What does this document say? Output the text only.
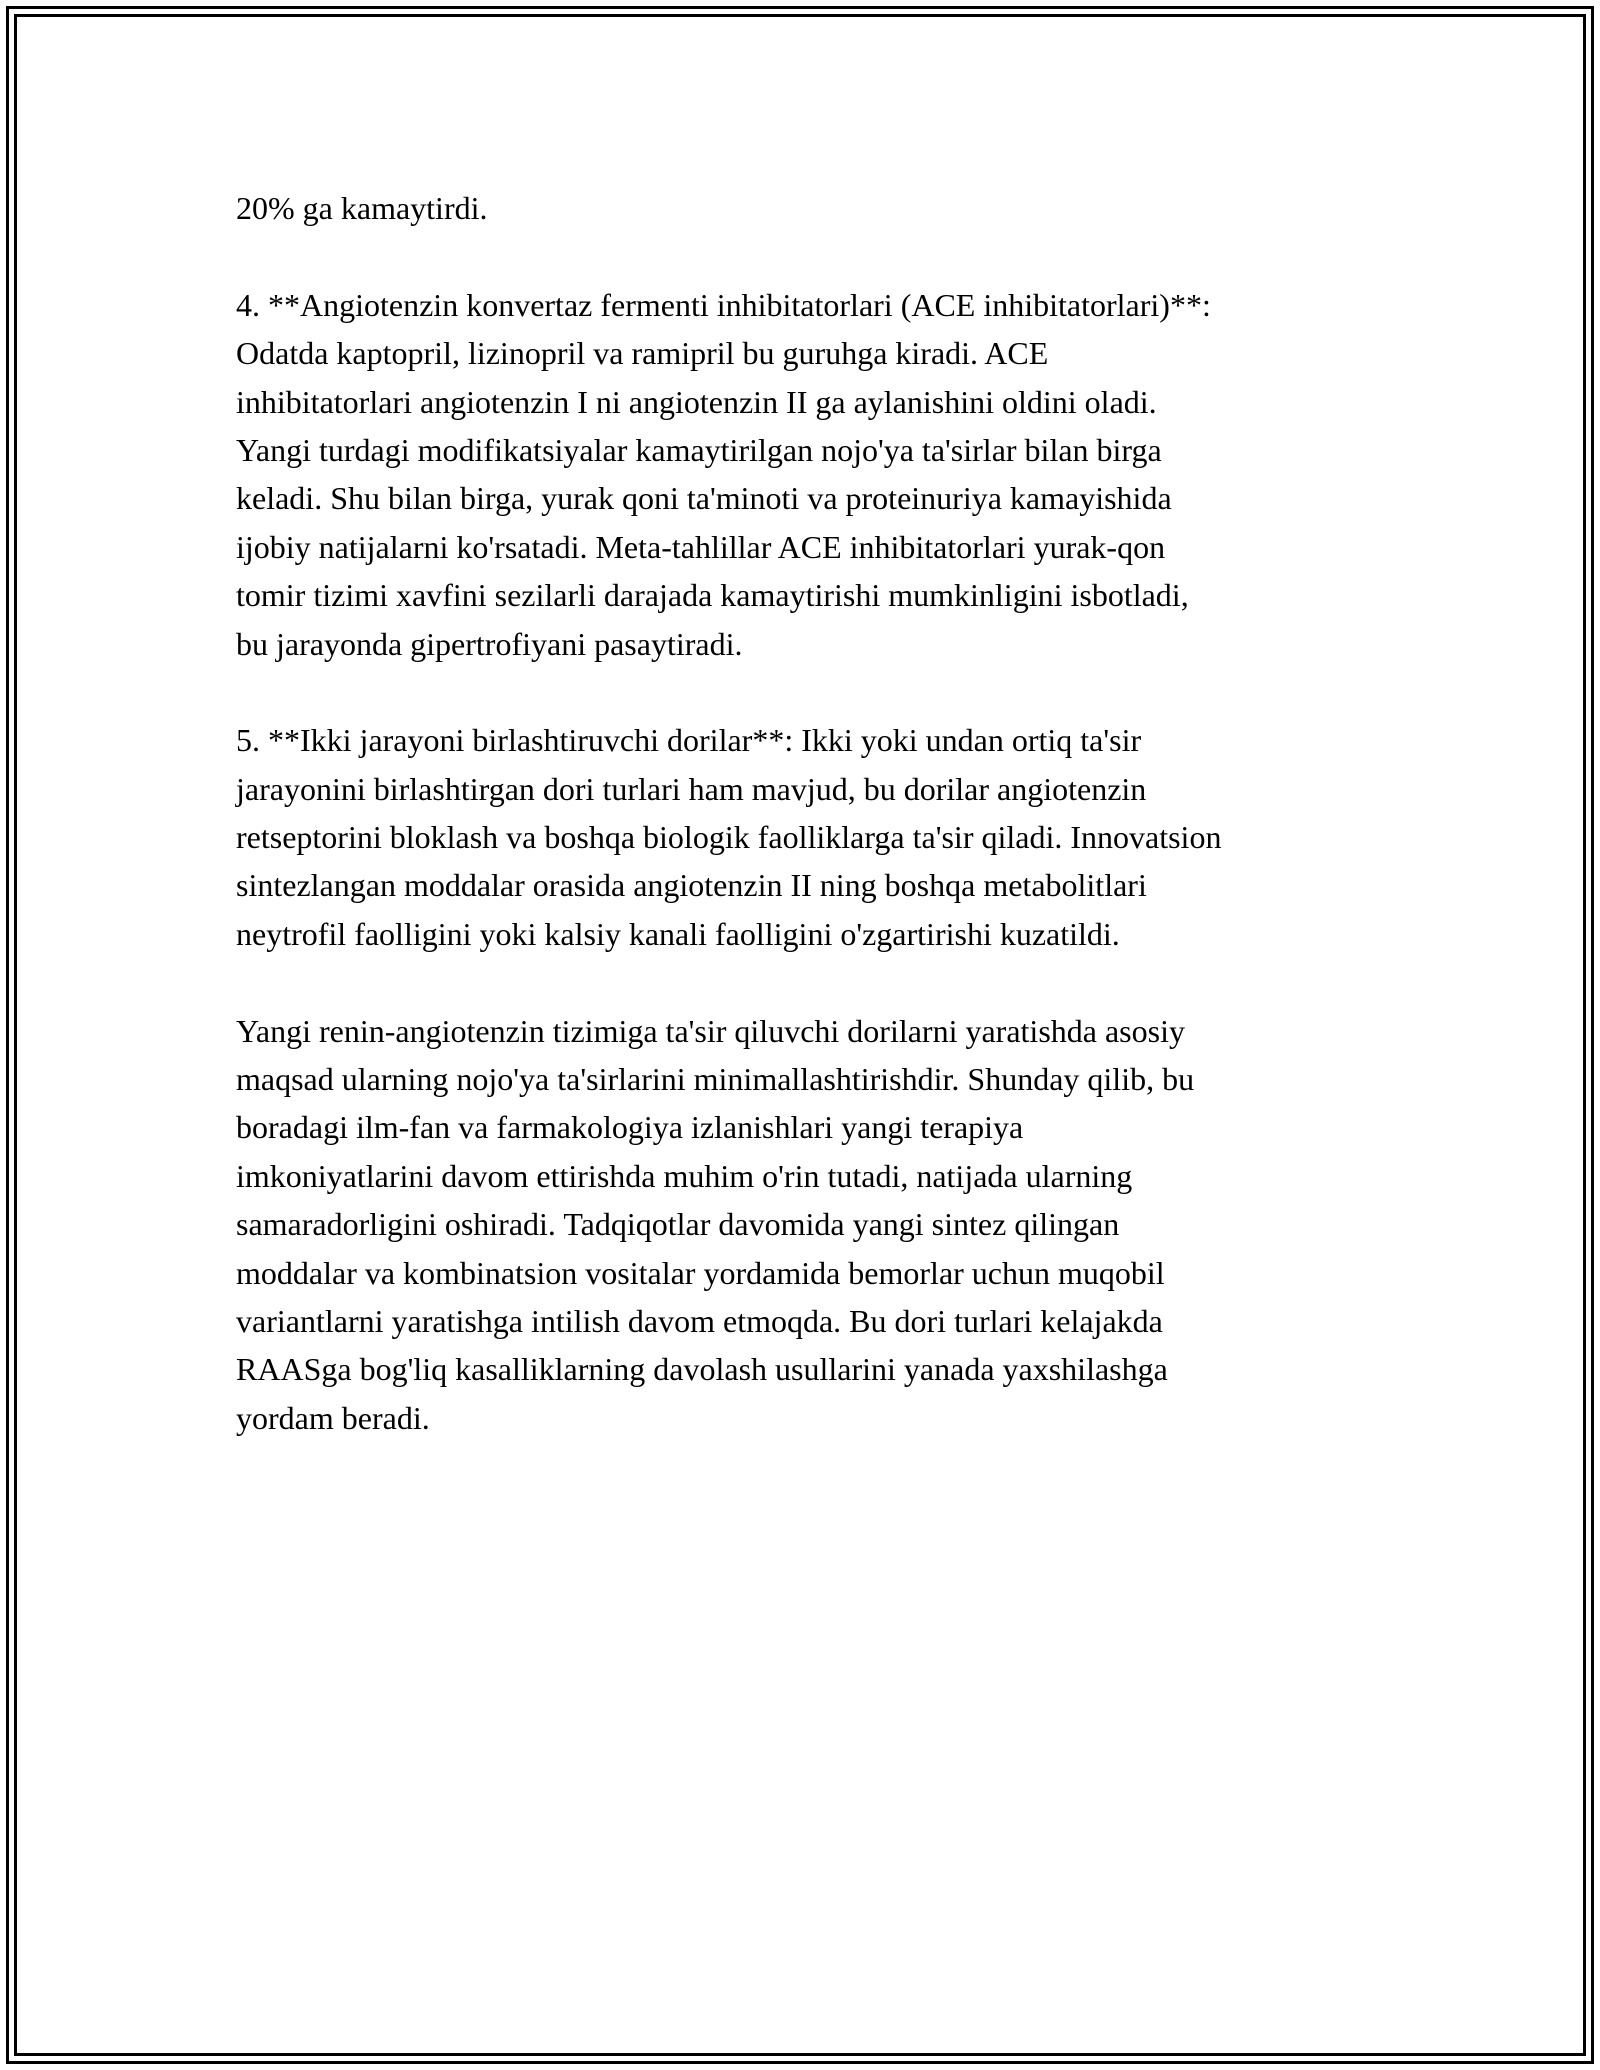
20% ga kamaytirdi.
4. **Angiotenzin konvertaz fermenti inhibitatorlari (ACE inhibitatorlari)**:
Odatda kaptopril, lizinopril va ramipril bu guruhga kiradi. ACE
inhibitatorlari angiotenzin I ni angiotenzin II ga aylanishini oldini oladi.
Yangi turdagi modifikatsiyalar kamaytirilgan nojo'ya ta'sirlar bilan birga
keladi. Shu bilan birga, yurak qoni ta'minoti va proteinuriya kamayishida
ijobiy natijalarni ko'rsatadi. Meta-tahlillar ACE inhibitatorlari yurak-qon
tomir tizimi xavfini sezilarli darajada kamaytirishi mumkinligini isbotladi,
bu jarayonda gipertrofiyani pasaytiradi.
5. **Ikki jarayoni birlashtiruvchi dorilar**: Ikki yoki undan ortiq ta'sir
jarayonini birlashtirgan dori turlari ham mavjud, bu dorilar angiotenzin
retseptorini bloklash va boshqa biologik faolliklarga ta'sir qiladi. Innovatsion
sintezlangan moddalar orasida angiotenzin II ning boshqa metabolitlari
neytrofil faolligini yoki kalsiy kanali faolligini o'zgartirishi kuzatildi.
Yangi renin-angiotenzin tizimiga ta'sir qiluvchi dorilarni yaratishda asosiy
maqsad ularning nojo'ya ta'sirlarini minimallashtirishdir. Shunday qilib, bu
boradagi ilm-fan va farmakologiya izlanishlari yangi terapiya
imkoniyatlarini davom ettirishda muhim o'rin tutadi, natijada ularning
samaradorligini oshiradi. Tadqiqotlar davomida yangi sintez qilingan
moddalar va kombinatsion vositalar yordamida bemorlar uchun muqobil
variantlarni yaratishga intilish davom etmoqda. Bu dori turlari kelajakda
RAASga bog'liq kasalliklarning davolash usullarini yanada yaxshilashga
yordam beradi.
